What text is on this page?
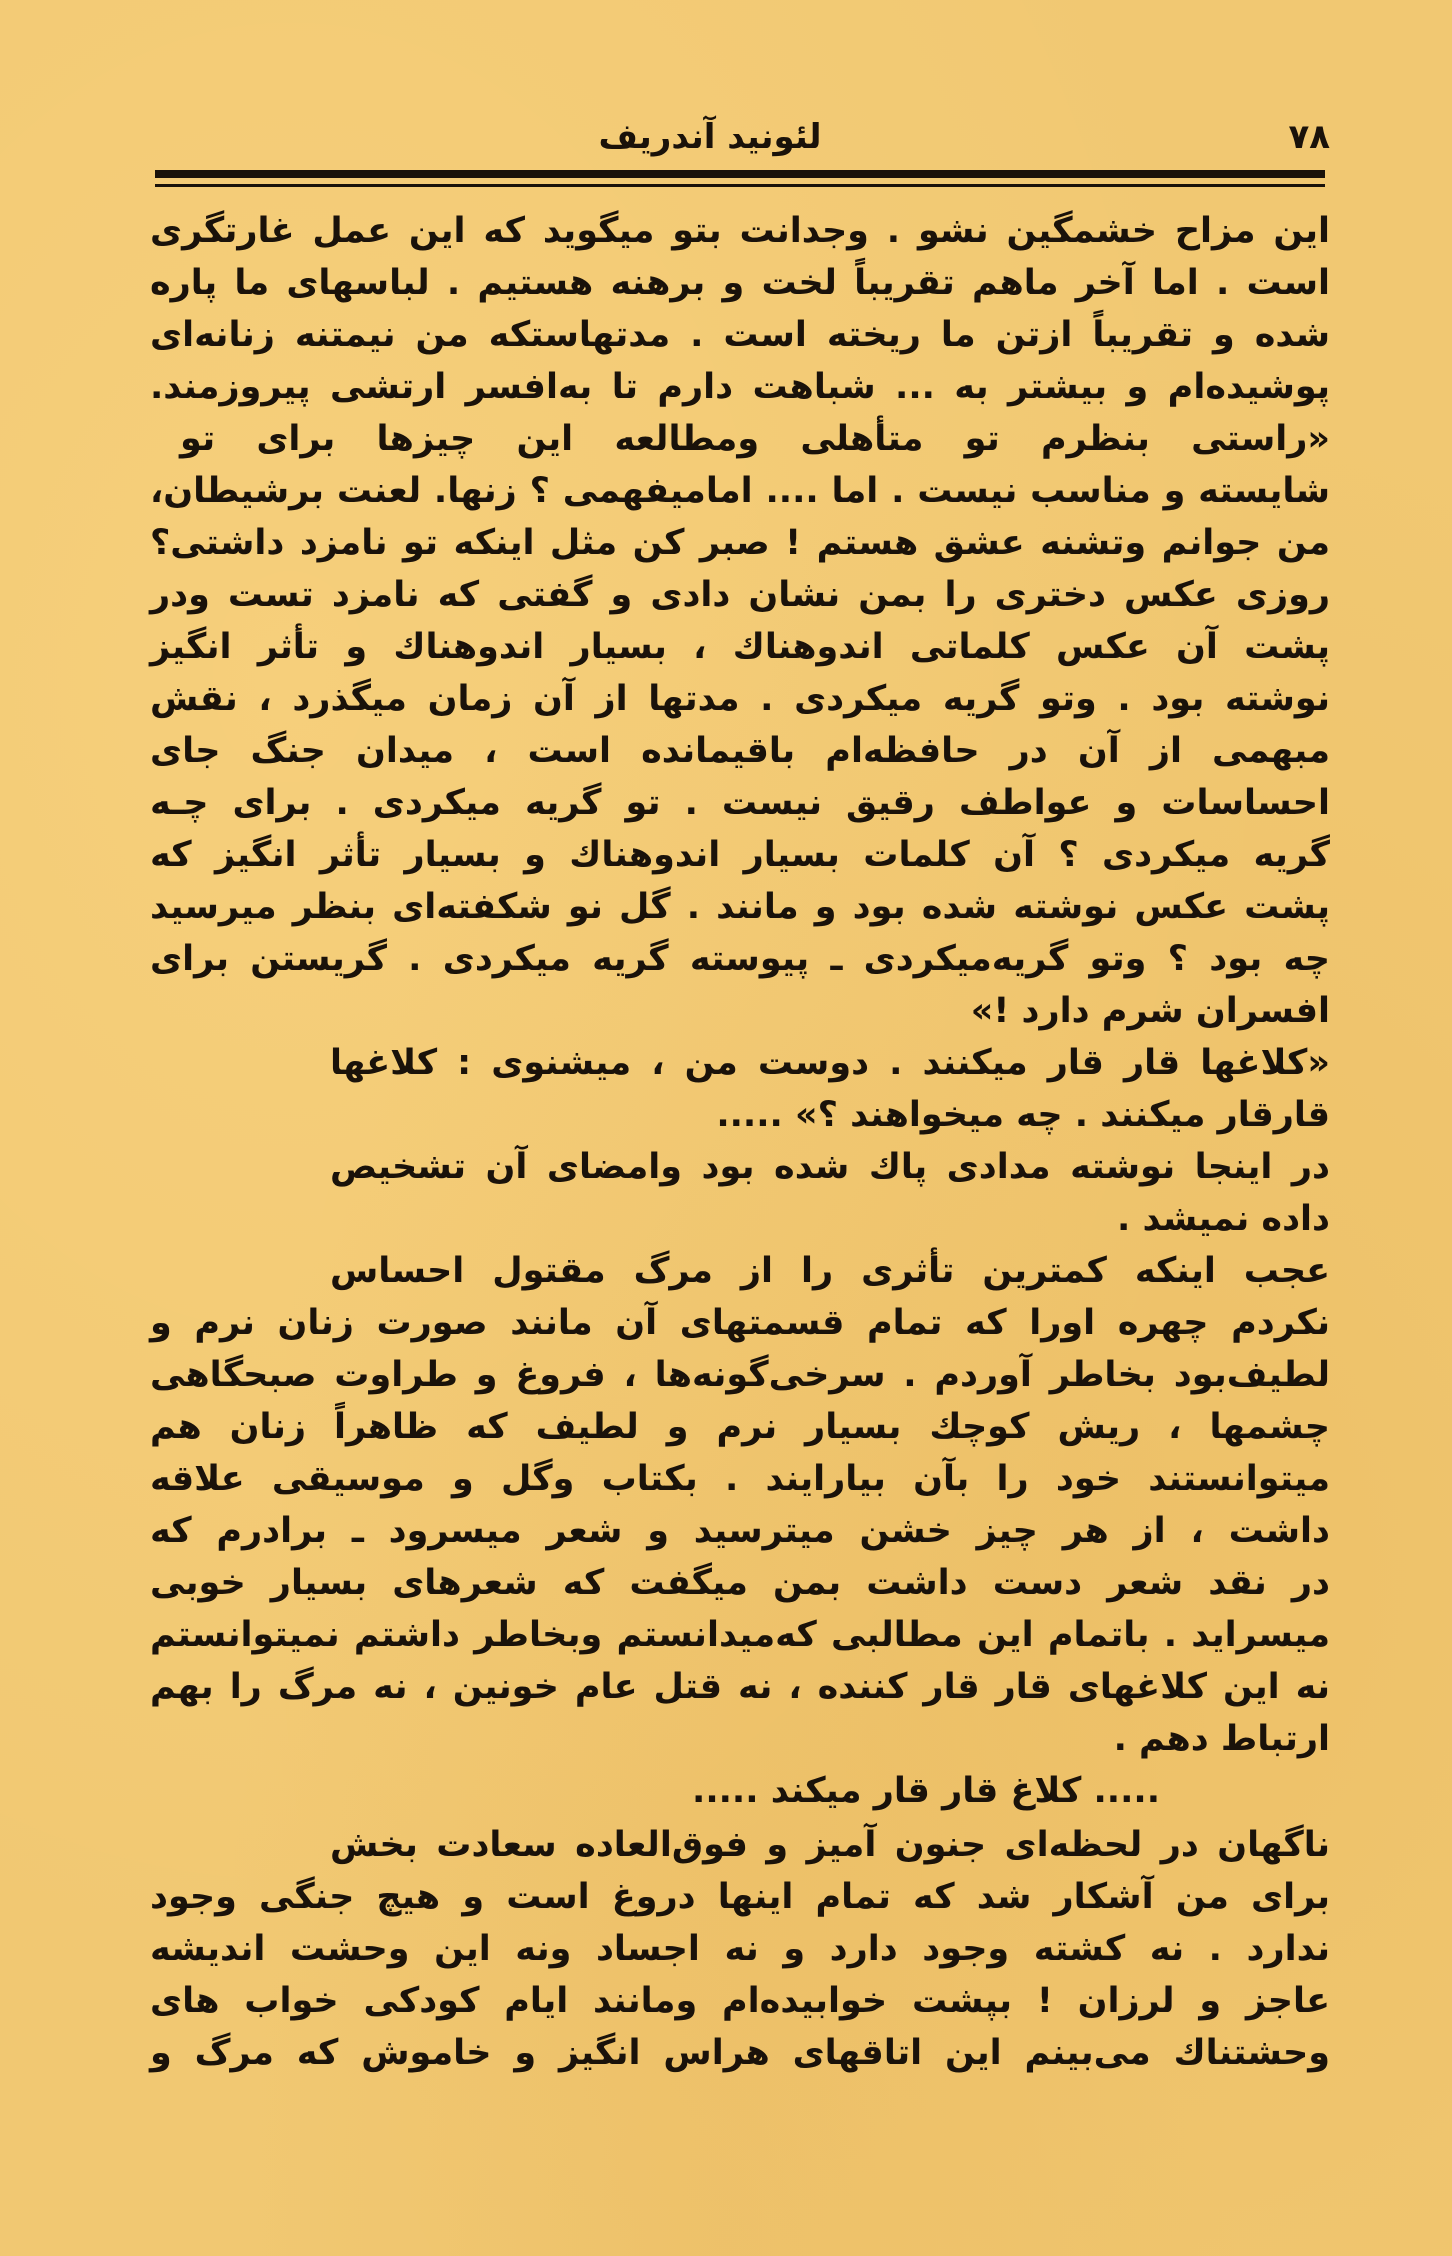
لئونید آندریف	۷۸
این مزاح خشمگین نشو . وجدانت بتو میگوید که این عمل غارتگری
است . اما آخر ماهم تقریباً لخت و برهنه هستیم . لباسهای ما پاره
شده و تقریباً ازتن ما ریخته است . مدتهاستکه من نیمتنه زنانه‌ای
پوشیده‌ام و بیشتر به ... شباهت دارم تا به‌افسر ارتشی پیروزمند.
«راستی بنظرم تو متأهلی ومطالعه این چیزها برای تو
شایسته و مناسب نیست . اما .... امامیفهمی ؟ زنها. لعنت برشیطان،
من جوانم وتشنه عشق هستم ! صبر کن مثل اینکه تو نامزد داشتی؟
روزی عکس دختری را بمن نشان دادی و گفتی که نامزد تست ودر
پشت آن عکس کلماتی اندوهناك ، بسیار اندوهناك و تأثر انگیز
نوشته بود . وتو گریه میکردی . مدتها از آن زمان میگذرد ، نقش
مبهمی از آن در حافظه‌ام باقیمانده است ، میدان جنگ جای
احساسات و عواطف رقیق نیست . تو گریه میکردی . برای چـه
گریه میکردی ؟ آن کلمات بسیار اندوهناك و بسیار تأثر انگیز که
پشت عکس نوشته شده بود و مانند . گل نو شکفته‌ای بنظر میرسید
چه بود ؟ وتو گریه‌میکردی ـ پیوسته گریه میکردی . گریستن برای
افسران شرم دارد !»
«کلاغها قار قار میکنند . دوست من ، میشنوی : کلاغها
قارقار میکنند . چه میخواهند ؟» .....
در اینجا نوشته مدادی پاك شده بود وامضای آن تشخیص
داده نمیشد .
عجب اینکه کمترین تأثری را از مرگ مقتول احساس
نکردم چهره اورا که تمام قسمتهای آن مانند صورت زنان نرم و
لطیف‌بود بخاطر آوردم . سرخی‌گونه‌ها ، فروغ و طراوت صبحگاهی
چشمها ، ریش کوچك بسیار نرم و لطیف که ظاهراً زنان هم
میتوانستند خود را بآن بیارایند . بکتاب وگل و موسیقی علاقه
داشت ، از هر چیز خشن میترسید و شعر میسرود ـ برادرم که
در نقد شعر دست داشت بمن میگفت که شعرهای بسیار خوبی
میسراید . باتمام این مطالبی که‌میدانستم وبخاطر داشتم نمیتوانستم
نه این کلاغهای قار قار کننده ، نه قتل عام خونین ، نه مرگ را بهم
ارتباط دهم .
..... کلاغ قار قار میکند .....
ناگهان در لحظه‌ای جنون آمیز و فوق‌العاده سعادت بخش
برای من آشکار شد که تمام اینها دروغ است و هیچ جنگی وجود
ندارد . نه کشته وجود دارد و نه اجساد ونه این وحشت اندیشه
عاجز و لرزان ! بپشت خوابیده‌ام ومانند ایام کودکی خواب های
وحشتناك می‌بینم این اتاقهای هراس انگیز و خاموش که مرگ و
